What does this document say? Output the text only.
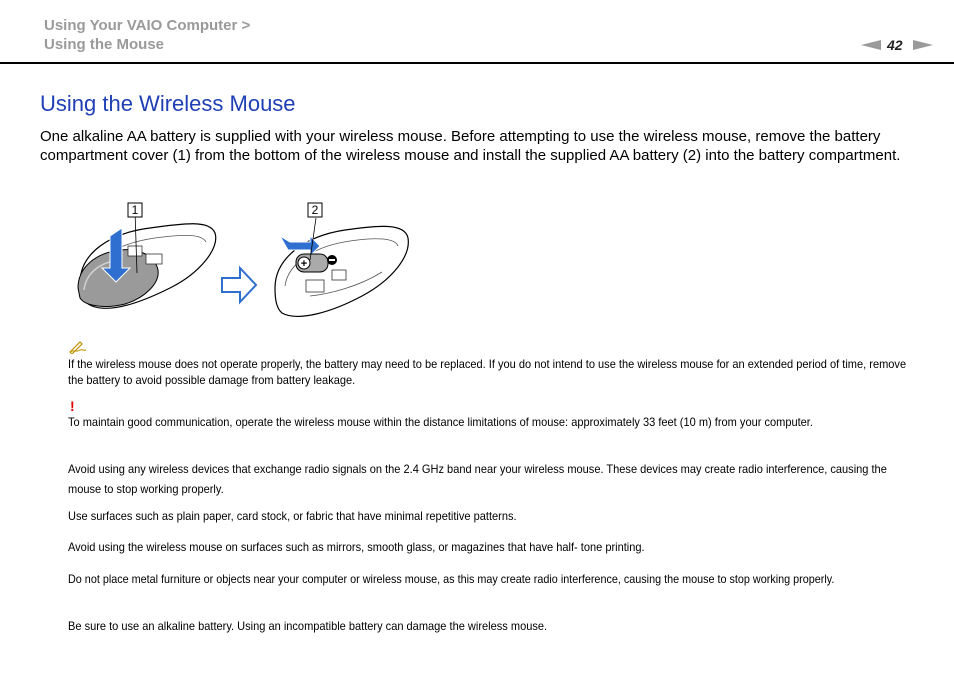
Using Your VAIO Computer >
Using the Mouse	42
Using the Wireless Mouse

One alkaline AA battery is supplied with your wireless mouse. Before attempting to use the wireless mouse, remove the battery compartment cover (1) from the bottom of the wireless mouse and install the supplied AA battery (2) into the battery compartment.

1
+
2

If the wireless mouse does not operate properly, the battery may need to be replaced. If you do not intend to use the wireless mouse for an extended period of time, remove the battery to avoid possible damage from battery leakage.

!

To maintain good communication, operate the wireless mouse within the distance limitations of mouse: approximately 33 feet (10 m) from your computer.

Avoid using any wireless devices that exchange radio signals on the 2.4 GHz band near your wireless mouse. These devices may create radio interference, causing the mouse to stop working properly.

Use surfaces such as plain paper, card stock, or fabric that have minimal repetitive patterns.

Avoid using the wireless mouse on surfaces such as mirrors, smooth glass, or magazines that have half- tone printing.

Do not place metal furniture or objects near your computer or wireless mouse, as this may create radio interference, causing the mouse to stop working properly.

Be sure to use an alkaline battery. Using an incompatible battery can damage the wireless mouse.
